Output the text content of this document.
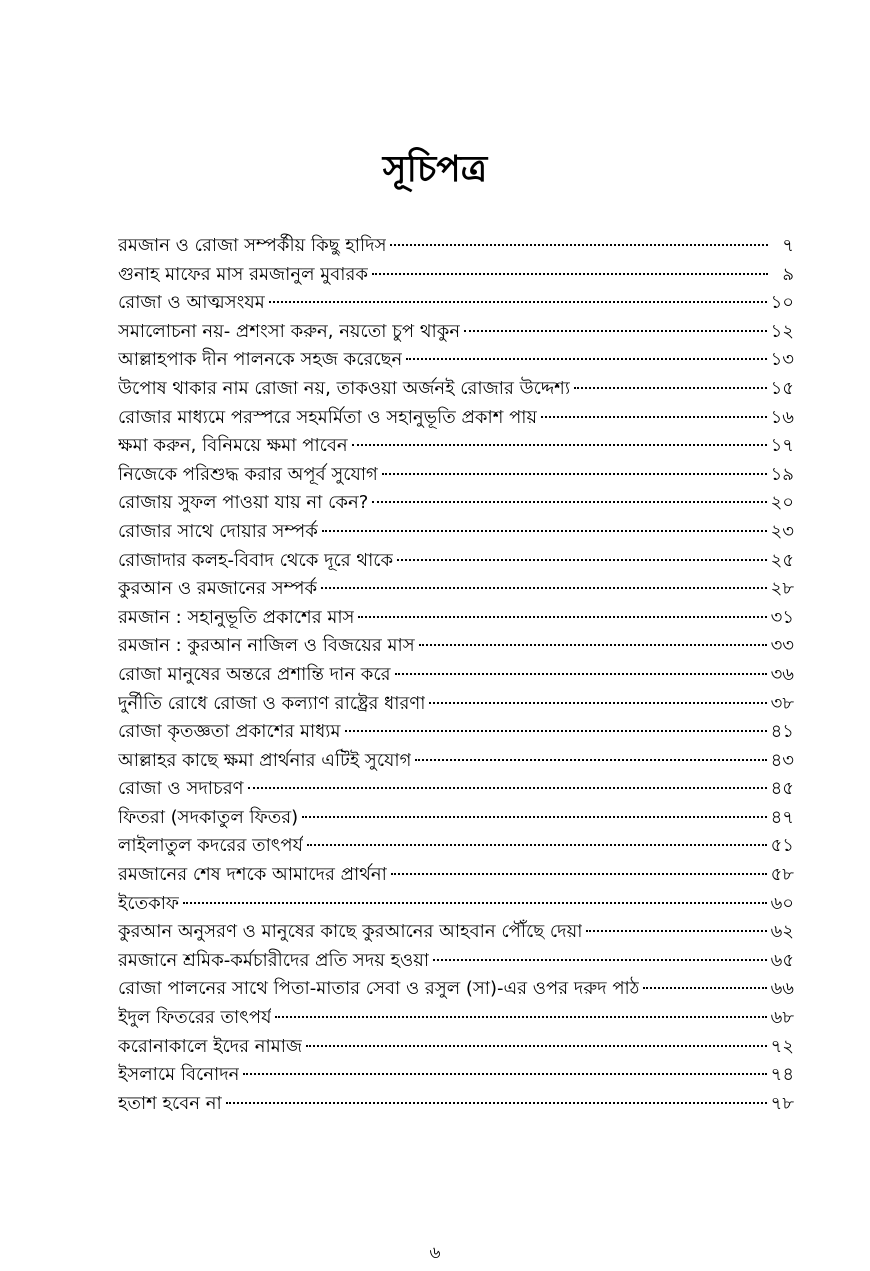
সূচিপত্র
রমজান ও রোজা সম্পর্কীয় কিছু হাদিস	৭
গুনাহ মাফের মাস রমজানুল মুবারক	৯
রোজা ও আত্মসংযম	১০
সমালোচনা নয়- প্রশংসা করুন, নয়তো চুপ থাকুন	১২
আল্লাহপাক দীন পালনকে সহজ করেছেন	১৩
উপোষ থাকার নাম রোজা নয়, তাকওয়া অর্জনই রোজার উদ্দেশ্য	১৫
রোজার মাধ্যমে পরস্পরে সহমর্মিতা ও সহানুভূতি প্রকাশ পায়	১৬
ক্ষমা করুন, বিনিময়ে ক্ষমা পাবেন	১৭
নিজেকে পরিশুদ্ধ করার অপূর্ব সুযোগ	১৯
রোজায় সুফল পাওয়া যায় না কেন?	২০
রোজার সাথে দোয়ার সম্পর্ক	২৩
রোজাদার কলহ-বিবাদ থেকে দূরে থাকে	২৫
কুরআন ও রমজানের সম্পর্ক	২৮
রমজান : সহানুভূতি প্রকাশের মাস	৩১
রমজান : কুরআন নাজিল ও বিজয়ের মাস	৩৩
রোজা মানুষের অন্তরে প্রশান্তি দান করে	৩৬
দুর্নীতি রোধে রোজা ও কল্যাণ রাষ্ট্রের ধারণা	৩৮
রোজা কৃতজ্ঞতা প্রকাশের মাধ্যম	৪১
আল্লাহর কাছে ক্ষমা প্রার্থনার এটিই সুযোগ	৪৩
রোজা ও সদাচরণ	৪৫
ফিতরা (সদকাতুল ফিতর)	৪৭
লাইলাতুল কদরের তাৎপর্য	৫১
রমজানের শেষ দশকে আমাদের প্রার্থনা	৫৮
ইতেকাফ	৬০
কুরআন অনুসরণ ও মানুষের কাছে কুরআনের আহবান পৌঁছে দেয়া	৬২
রমজানে শ্রমিক-কর্মচারীদের প্রতি সদয় হওয়া	৬৫
রোজা পালনের সাথে পিতা-মাতার সেবা ও রসুল (সা)-এর ওপর দরুদ পাঠ	৬৬
ইদুল ফিতরের তাৎপর্য	৬৮
করোনাকালে ইদের নামাজ	৭২
ইসলামে বিনোদন	৭৪
হতাশ হবেন না	৭৮
৬
